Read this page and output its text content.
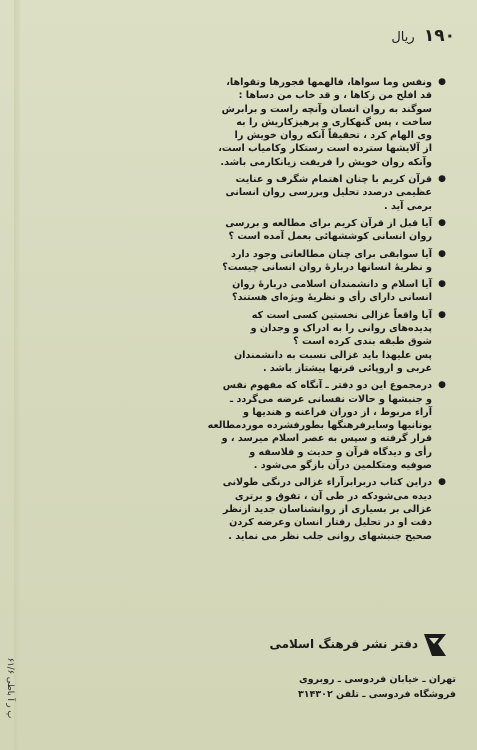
۱۹۰ ریال
●
ونفس وما سواها، فالهمها فجورها وتقواها،
قد افلح من زکاها ، و قد خاب من دساها :
سوگند به روان انسان وآنچه راست و برابرش
ساخت ، پس گنهکاری و پرهیزکاریش را به
وی الهام کرد ، تحقیقاً آنکه روان خویش را
از آلایشها سترده است رستکار وکامیاب است،
وآنکه روان خویش را فریفت زیانکارمی باشد.
●
قرآن کریم با چنان اهتمام شگرف و عنایت
عظیمی درصدد تحلیل وبررسی روان انسانی
برمی آید .
●
آیا قبل از قرآن کریم برای مطالعه و بررسی
روان انسانی کوششهائی بعمل آمده است ؟
●
آیا سوابقی برای چنان مطالعاتی وجود دارد
و نظریهٔ انسانها دربارهٔ روان انسانی چیست؟
●
آیا اسلام و دانشمندان اسلامی دربارهٔ روان
انسانی دارای رأی و نظریهٔ ویژه‌ای هستند؟
●
آیا واقعاً غزالی نخستین کسی است که
پدیده‌های روانی را به ادراک و وجدان و
شوق طبقه بندی کرده است ؟
پس علیهذا باید غزالی نسبت به دانشمندان
غربی و اروپائی قرنها پیشتاز باشد .
●
درمجموع این دو دفتر ـ آنگاه که مفهوم نفس
و جنبشها و حالات نفسانی عرضه می‌گردد ـ
آراء مربوط ، از دوران فراعنه و هندیها و
یونانیها وسایرفرهنگها بطورفشرده موردمطالعه
قرار گرفته و سپس به عصر اسلام میرسد ، و
رأی و دیدگاه قرآن و حدیث و فلاسفه و
صوفیه ومتکلمین درآن بازگو می‌شود .
●
دراین کتاب دربرابرآراء غزالی درنگی طولانی
دیده می‌شودکه در طی آن ، تفوق و برتری
غزالی بر بسیاری از روانشناسان جدید ازنظر
دقت او در تحلیل رفتار انسان وعرضه کردن
صحیح جنبشهای روانی جلب نظر می نماید .
دفتر نشر فرهنگ اسلامی
تهران ـ خیابان فردوسی ـ روبروی
فروشگاه فردوسی ـ تلفن ۳۱۴۳۰۲
پ ر آ باطی ۶۱/۶
